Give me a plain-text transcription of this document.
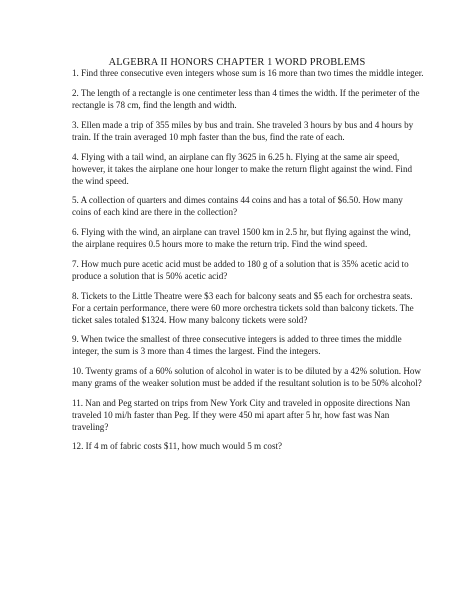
ALGEBRA II HONORS CHAPTER 1 WORD PROBLEMS

1. Find three consecutive even integers whose sum is 16 more than two times the middle integer.

2. The length of a rectangle is one centimeter less than 4 times the width. If the perimeter of the

rectangle is 78 cm, find the length and width.

3. Ellen made a trip of 355 miles by bus and train. She traveled 3 hours by bus and 4 hours by

train. If the train averaged 10 mph faster than the bus, find the rate of each.

4. Flying with a tail wind, an airplane can fly 3625 in 6.25 h. Flying at the same air speed,

however, it takes the airplane one hour longer to make the return flight against the wind. Find

the wind speed.

5. A collection of quarters and dimes contains 44 coins and has a total of $6.50. How many

coins of each kind are there in the collection?

6. Flying with the wind, an airplane can travel 1500 km in 2.5 hr, but flying against the wind,

the airplane requires 0.5 hours more to make the return trip. Find the wind speed.

7. How much pure acetic acid must be added to 180 g of a solution that is 35% acetic acid to

produce a solution that is 50% acetic acid?

8. Tickets to the Little Theatre were $3 each for balcony seats and $5 each for orchestra seats.

For a certain performance, there were 60 more orchestra tickets sold than balcony tickets. The

ticket sales totaled $1324. How many balcony tickets were sold?

9. When twice the smallest of three consecutive integers is added to three times the middle

integer, the sum is 3 more than 4 times the largest. Find the integers.

10. Twenty grams of a 60% solution of alcohol in water is to be diluted by a 42% solution. How

many grams of the weaker solution must be added if the resultant solution is to be 50% alcohol?

11. Nan and Peg started on trips from New York City and traveled in opposite directions Nan

traveled 10 mi/h faster than Peg. If they were 450 mi apart after 5 hr, how fast was Nan

traveling?

12. If 4 m of fabric costs $11, how much would 5 m cost?
